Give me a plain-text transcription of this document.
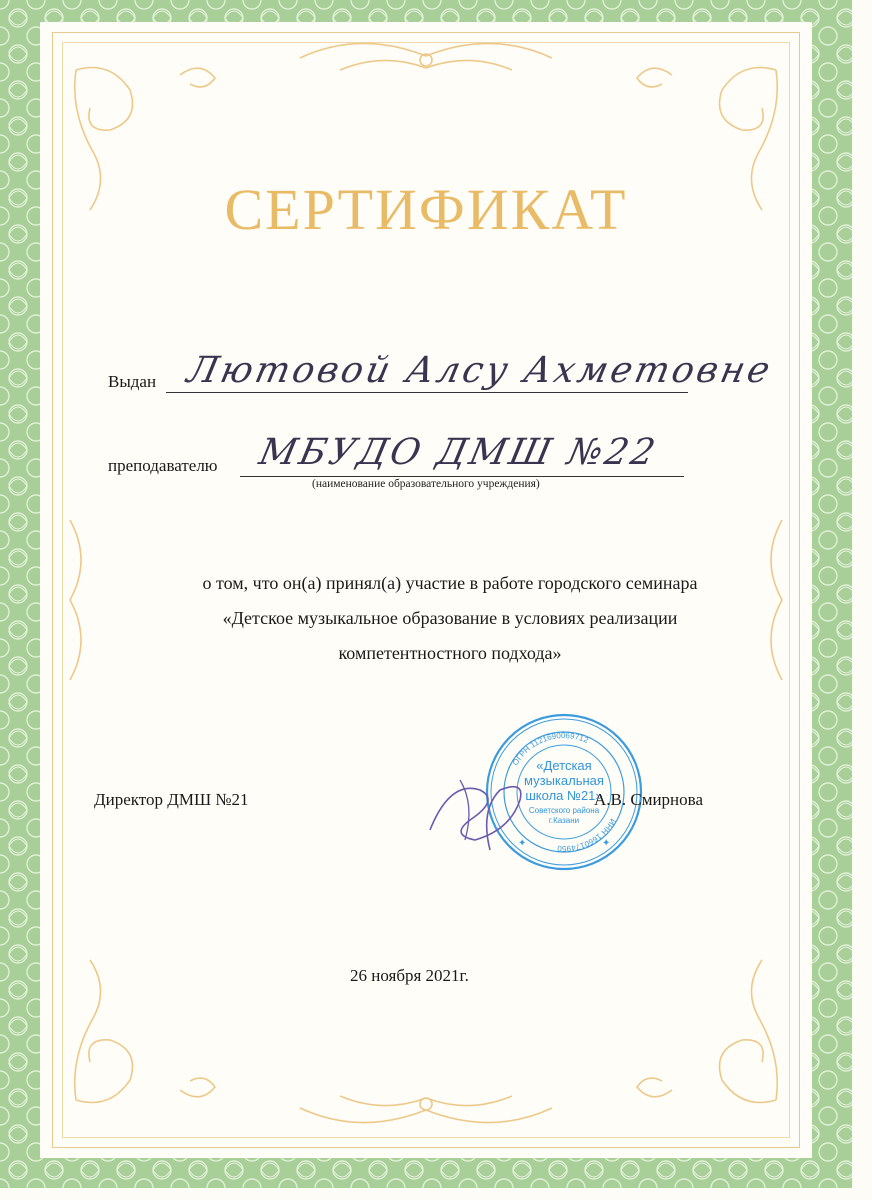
СЕРТИФИКАТ
Выдан Лютовой Алсу Ахметовне
преподавателю МБУДО ДМШ №22
(наименование образовательного учреждения)
о том, что он(а) принял(а) участие в работе городского семинара
«Детское музыкальное образование в условиях реализации
компетентностного подхода»
Директор ДМШ №21
ОГРН 1121690069712
ИНН 1660174950
«Детская
музыкальная
школа №21»
Советского района
г.Казани
✦
✦
А.В. Смирнова
26 ноября 2021г.
